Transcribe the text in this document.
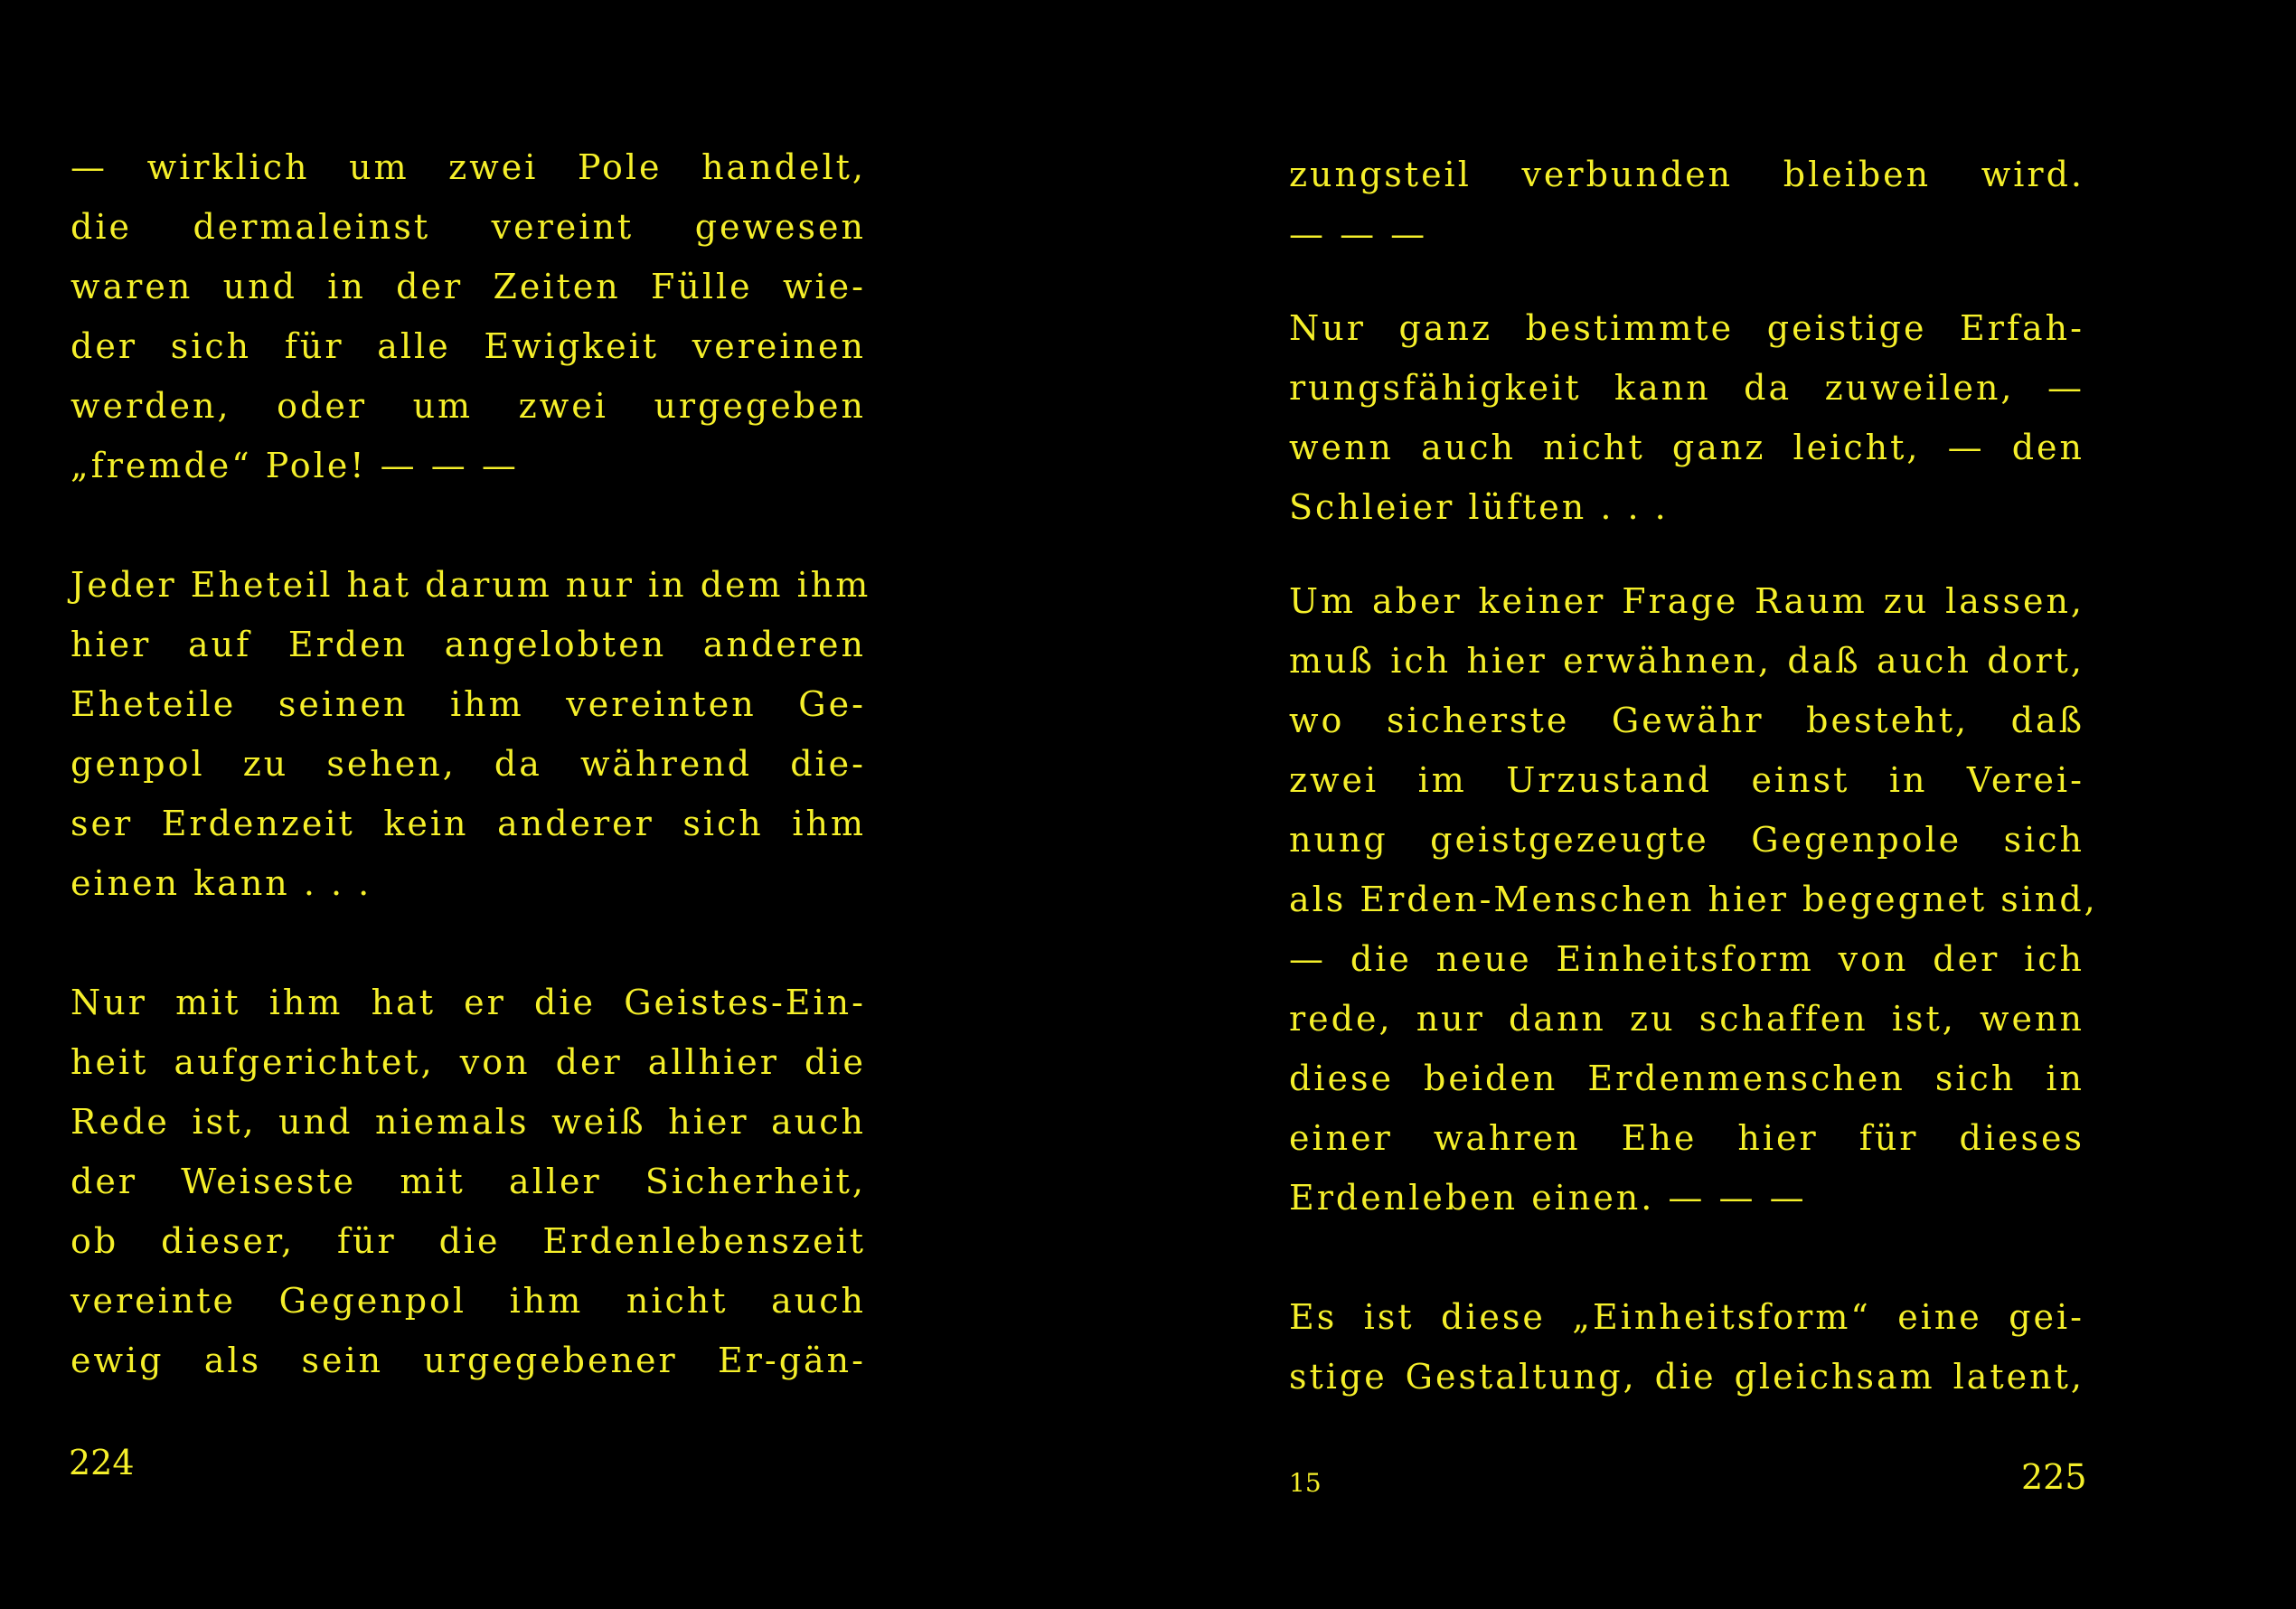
— wirklich um zwei Pole handelt,
die dermaleinst vereint gewesen
waren und in der Zeiten Fülle wie-
der sich für alle Ewigkeit vereinen
werden, oder um zwei urgegeben
„fremde“ Pole! — — —
Jeder Eheteil hat darum nur in dem ihm
hier auf Erden angelobten anderen
Eheteile seinen ihm vereinten Ge-
genpol zu sehen, da während die-
ser Erdenzeit kein anderer sich ihm
einen kann . . .
Nur mit ihm hat er die Geistes-Ein-
heit aufgerichtet, von der allhier die
Rede ist, und niemals weiß hier auch
der Weiseste mit aller Sicherheit,
ob dieser, für die Erdenlebenszeit
vereinte Gegenpol ihm nicht auch
ewig als sein urgegebener Er-gän-
224
zungsteil verbunden bleiben wird.
— — —
Nur ganz bestimmte geistige Erfah-
rungsfähigkeit kann da zuweilen, —
wenn auch nicht ganz leicht, — den
Schleier lüften . . .
Um aber keiner Frage Raum zu lassen,
muß ich hier erwähnen, daß auch dort,
wo sicherste Gewähr besteht, daß
zwei im Urzustand einst in Verei-
nung geistgezeugte Gegenpole sich
als Erden-Menschen hier begegnet sind,
— die neue Einheitsform von der ich
rede, nur dann zu schaffen ist, wenn
diese beiden Erdenmenschen sich in
einer wahren Ehe hier für dieses
Erdenleben einen. — — —
Es ist diese „Einheitsform“ eine gei-
stige Gestaltung, die gleichsam latent,
15	225
